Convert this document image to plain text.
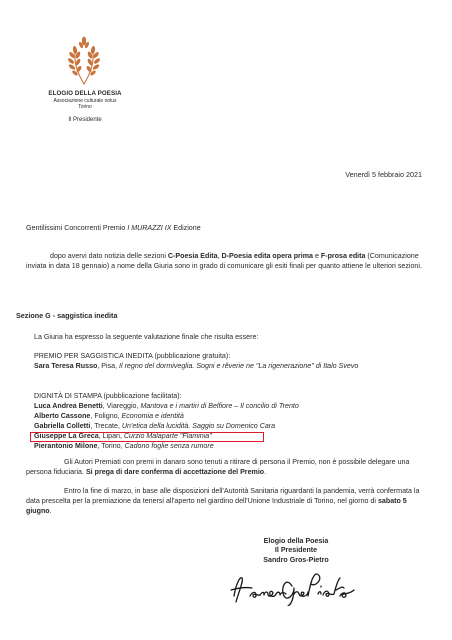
ELOGIO DELLA POESIA
Associazione culturale onlus
Torino
Il Presidente
Venerdì 5 febbraio 2021
Gentilissimi Concorrenti Premio I MURAZZI IX Edizione
dopo avervi dato notizia delle sezioni C-Poesia Edita, D-Poesia edita opera prima e F-prosa edita (Comunicazione inviata in data 18 gennaio) a nome della Giuria sono in grado di comunicare gli esiti finali per quanto attiene le ulteriori sezioni.
Sezione G - saggistica inedita
La Giuria ha espresso la seguente valutazione finale che risulta essere:
PREMIO PER SAGGISTICA INEDITA (pubblicazione gratuita):
Sara Teresa Russo, Pisa, Il regno del dormiveglia. Sogni e rêverie ne "La rigenerazione" di Italo Svevo
DIGNITÀ DI STAMPA (pubblicazione facilitata):
Luca Andrea Benetti, Viareggio, Mantova e i martiri di Belfiore – Il concilio di Trento
Alberto Cassone, Foligno, Economia e identità
Gabriella Colletti, Trecate, Un'etica della lucidità. Saggio su Domenico Cara
Giuseppe La Greca, Lipari, Curzio Malaparte "Flaminia"
Pierantonio Milone, Torino, Cadono foglie senza rumore
Gli Autori Premiati con premi in danaro sono tenuti a ritirare di persona il Premio, non è possibile delegare una persona fiduciaria. Si prega di dare conferma di accettazione del Premio.
Entro la fine di marzo, in base alle disposizioni dell'Autorità Sanitaria riguardanti la pandemia, verrà confermata la data prescelta per la premiazione da tenersi all'aperto nel giardino dell'Unione Industriale di Torino, nel giorno di sabato 5 giugno.
Elogio della Poesia
Il Presidente
Sandro Gros-Pietro
